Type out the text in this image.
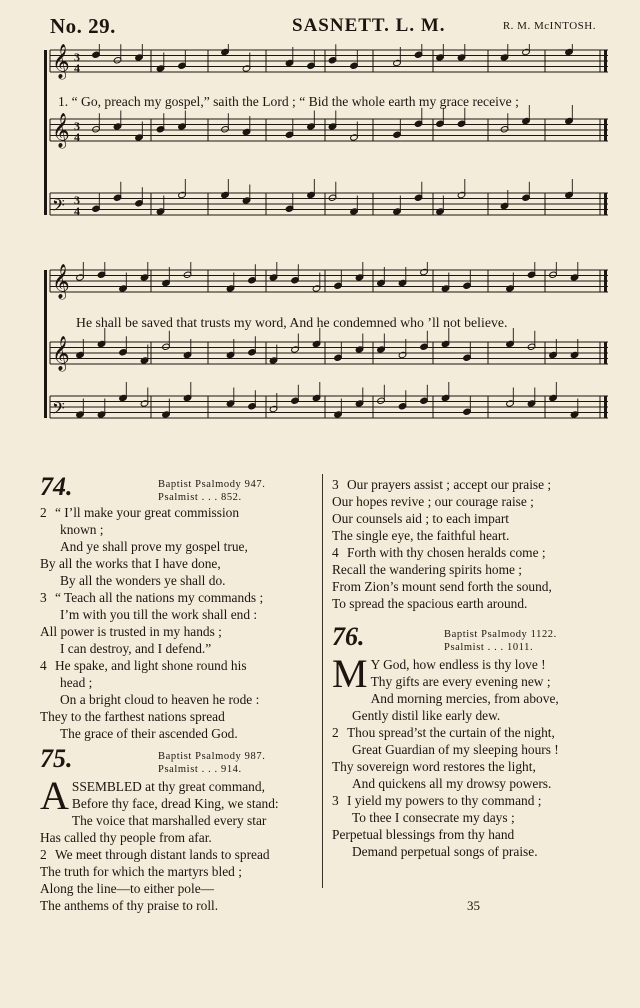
No. 29.	SASNETT. L. M.	R. M. McINTOSH.
𝄞 3
4
𝄞 3
4
𝄢 3
4
1. “ Go, preach my gospel,” saith the Lord ; “ Bid the whole earth my grace receive ;
𝄞
𝄞
𝄢
He shall be saved that trusts my word, And he condemned who ’ll not believe.
74.	Baptist Psalmody 947.
Psalmist . . . 852.
2 “ I’ll make your great commission
known ;
And ye shall prove my gospel true,
By all the works that I have done,
By all the wonders ye shall do.
3 “ Teach all the nations my commands ;
I’m with you till the work shall end :
All power is trusted in my hands ;
I can destroy, and I defend.”
4 He spake, and light shone round his
head ;
On a bright cloud to heaven he rode :
They to the farthest nations spread
The grace of their ascended God.
75.	Baptist Psalmody 987.
Psalmist . . . 914.
A SSEMBLED at thy great command,
Before thy face, dread King, we stand:
The voice that marshalled every star
Has called thy people from afar.
2 We meet through distant lands to spread
The truth for which the martyrs bled ;
Along the line—to either pole—
The anthems of thy praise to roll.
3 Our prayers assist ; accept our praise ;
Our hopes revive ; our courage raise ;
Our counsels aid ; to each impart
The single eye, the faithful heart.
4 Forth with thy chosen heralds come ;
Recall the wandering spirits home ;
From Zion’s mount send forth the sound,
To spread the spacious earth around.
76.	Baptist Psalmody 1122.
Psalmist . . . 1011.
M Y God, how endless is thy love !
Thy gifts are every evening new ;
And morning mercies, from above,
Gently distil like early dew.
2 Thou spread’st the curtain of the night,
Great Guardian of my sleeping hours !
Thy sovereign word restores the light,
And quickens all my drowsy powers.
3 I yield my powers to thy command ;
To thee I consecrate my days ;
Perpetual blessings from thy hand
Demand perpetual songs of praise.
35
